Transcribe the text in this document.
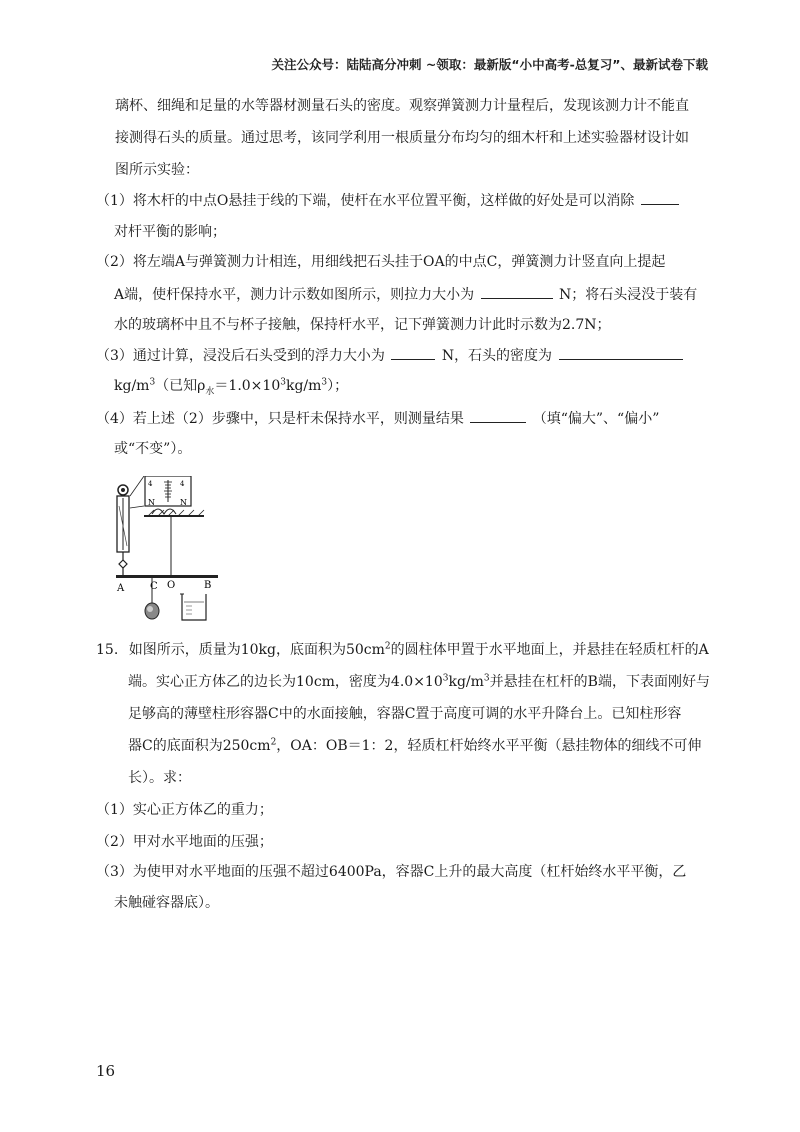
关注公众号：陆陆高分冲刺 ~领取：最新版“小中高考-总复习”、最新试卷下载
璃杯、细绳和足量的水等器材测量石头的密度。观察弹簧测力计量程后，发现该测力计不能直
接测得石头的质量。通过思考，该同学利用一根质量分布均匀的细木杆和上述实验器材设计如
图所示实验：
（1）将木杆的中点O悬挂于线的下端，使杆在水平位置平衡，这样做的好处是可以消除
对杆平衡的影响；
（2）将左端A与弹簧测力计相连，用细线把石头挂于OA的中点C，弹簧测力计竖直向上提起
A端，使杆保持水平，测力计示数如图所示，则拉力大小为	N；将石头浸没于装有
水的玻璃杯中且不与杯子接触，保持杆水平，记下弹簧测力计此时示数为2.7N；
（3）通过计算，浸没后石头受到的浮力大小为	N，石头的密度为
$kg/m^3$（已知$\rho_水=1.0\times 10^3kg/m^3$）；
（4）若上述（2）步骤中，只是杆未保持水平，则测量结果	（填“偏大”、“偏小”
或“不变”）。
4	4
N	N
A	C O	B
15. 如图所示，质量为10kg，底面积为$50cm^2$的圆柱体甲置于水平地面上，并悬挂在轻质杠杆的A
端。实心正方体乙的边长为10cm，密度为$4.0\times 10^3kg/m^3$并悬挂在杠杆的B端，下表面刚好与
足够高的薄壁柱形容器C中的水面接触，容器C置于高度可调的水平升降台上。已知柱形容
器C的底面积为$250cm^2$，OA：OB＝1：2，轻质杠杆始终水平平衡（悬挂物体的细线不可伸
长）。求：
（1）实心正方体乙的重力；
（2）甲对水平地面的压强；
（3）为使甲对水平地面的压强不超过6400Pa，容器C上升的最大高度（杠杆始终水平平衡，乙
未触碰容器底）。
16
